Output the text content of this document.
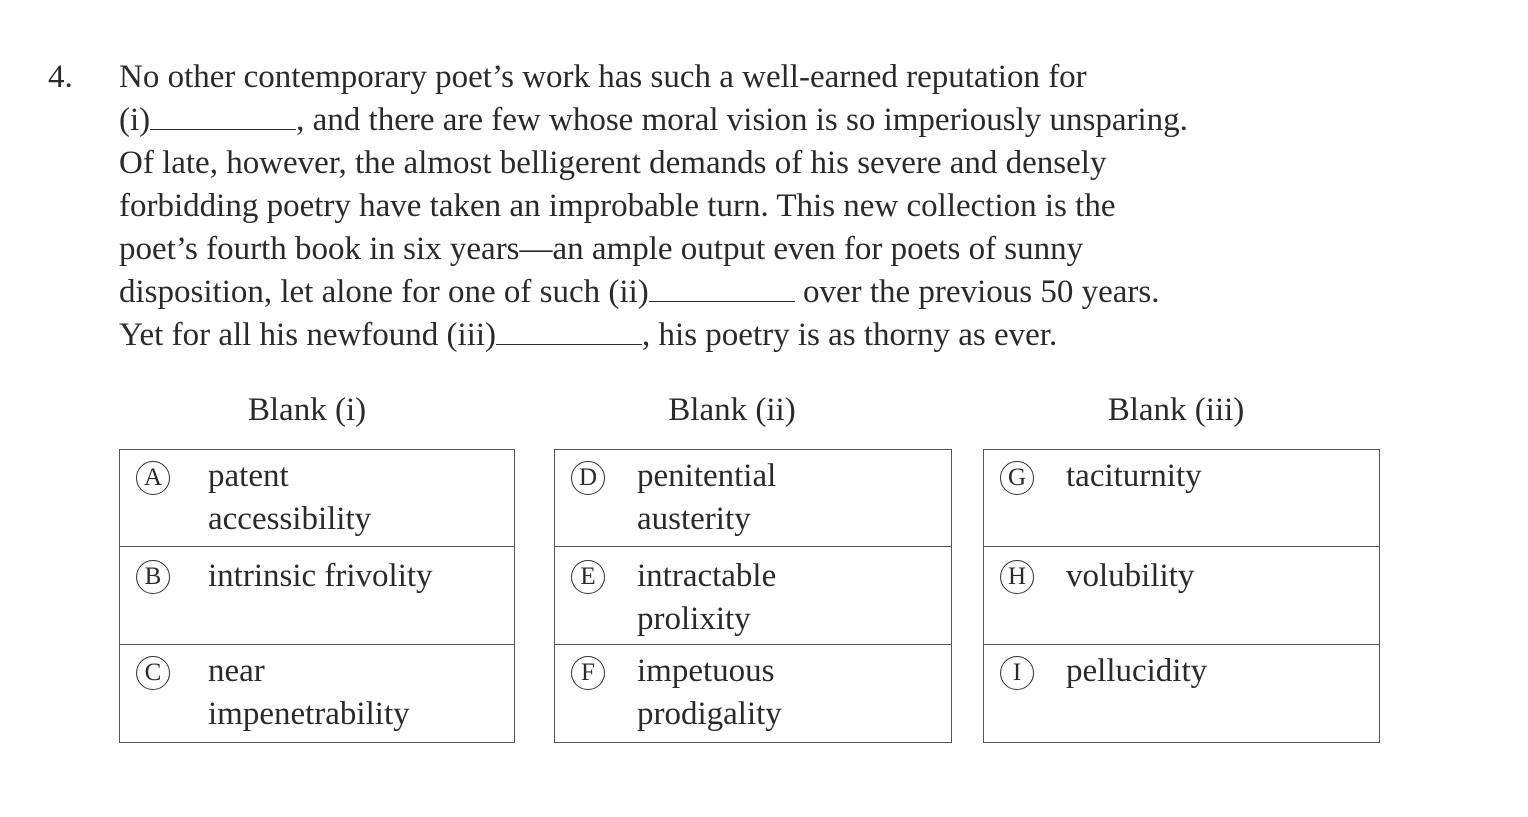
4. No other contemporary poet’s work has such a well-earned reputation for
(i)	, and there are few whose moral vision is so imperiously unsparing.
Of late, however, the almost belligerent demands of his severe and densely
forbidding poetry have taken an improbable turn. This new collection is the
poet’s fourth book in six years—an ample output even for poets of sunny
disposition, let alone for one of such (ii)	over the previous 50 years.
Yet for all his newfound (iii)	, his poetry is as thorny as ever.
Blank (i)	Blank (ii)	Blank (iii)
A patent
accessibility
B intrinsic frivolity
C near
impenetrability
D penitential
austerity
E intractable
prolixity
F	impetuous
prodigality
G taciturnity
H volubility
I	pellucidity
